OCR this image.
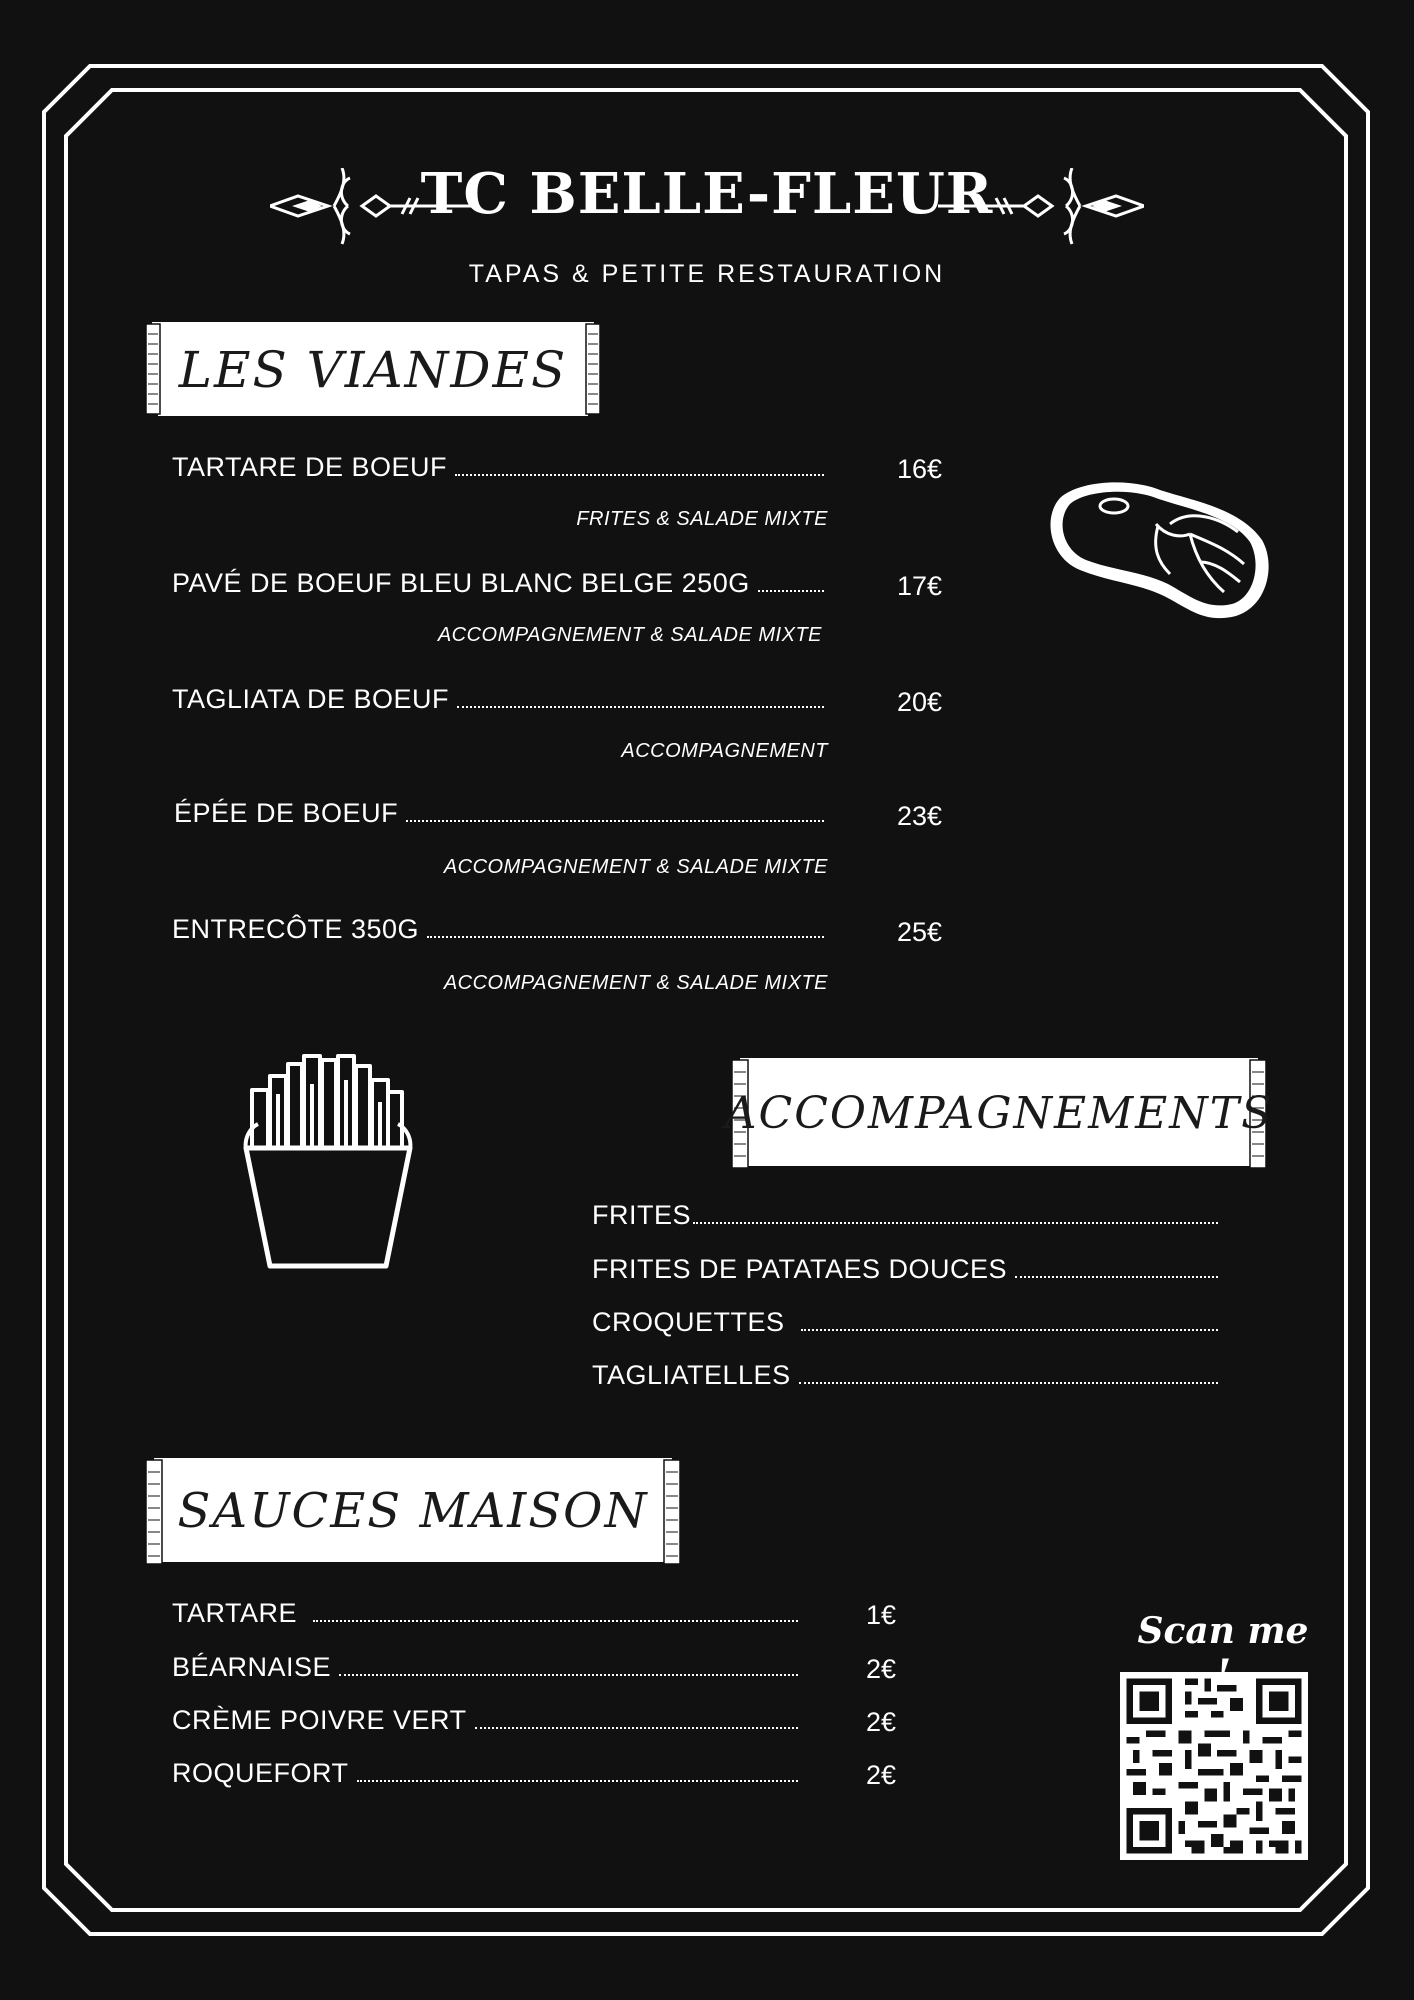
TC BELLE-FLEUR
TAPAS & PETITE RESTAURATION
LES VIANDES
TARTARE DE BOEUF	16€
FRITES & SALADE MIXTE
PAVÉ DE BOEUF BLEU BLANC BELGE 250G	17€
ACCOMPAGNEMENT & SALADE MIXTE
TAGLIATA DE BOEUF	20€
ACCOMPAGNEMENT
ÉPÉE DE BOEUF	23€
ACCOMPAGNEMENT & SALADE MIXTE
ENTRECÔTE 350G	25€
ACCOMPAGNEMENT & SALADE MIXTE
ACCOMPAGNEMENTS
FRITES
FRITES DE PATATAES DOUCES
CROQUETTES
TAGLIATELLES
SAUCES MAISON
TARTARE	1€
BÉARNAISE	2€
CRÈME POIVRE VERT	2€
ROQUEFORT	2€
Scan me
